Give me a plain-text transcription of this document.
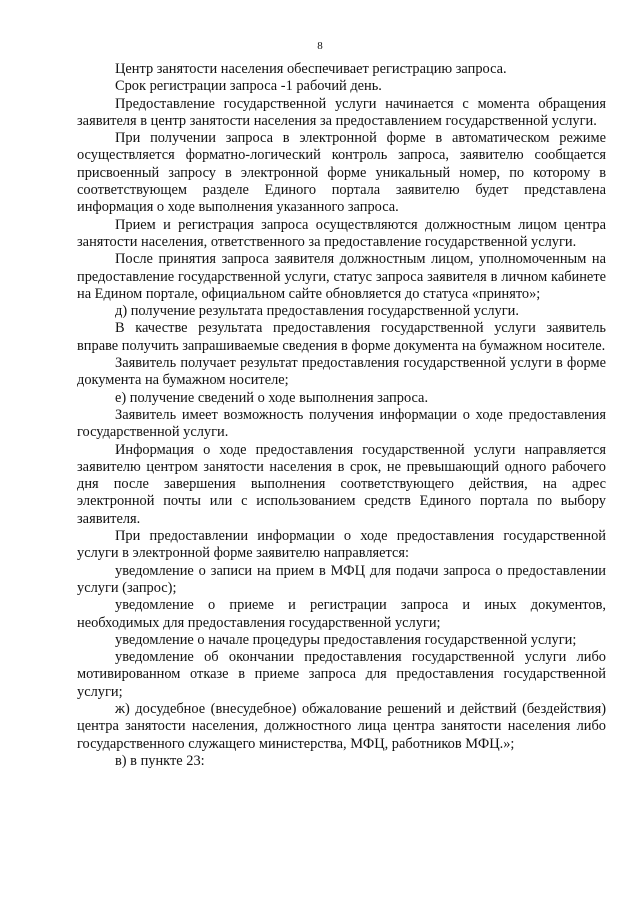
8

Центр занятости населения обеспечивает регистрацию запроса.

Срок регистрации запроса -1 рабочий день.

Предоставление государственной услуги начинается с момента обращения заявителя в центр занятости населения за предоставлением государственной услуги.

При получении запроса в электронной форме в автоматическом режиме осуществляется форматно-логический контроль запроса, заявителю сообщается присвоенный запросу в электронной форме уникальный номер, по которому в соответствующем разделе Единого портала заявителю будет представлена информация о ходе выполнения указанного запроса.

Прием и регистрация запроса осуществляются должностным лицом центра занятости населения, ответственного за предоставление государственной услуги.

После принятия запроса заявителя должностным лицом, уполномоченным на предоставление государственной услуги, статус запроса заявителя в личном кабинете на Едином портале, официальном сайте обновляется до статуса «принято»;

д) получение результата предоставления государственной услуги.

В качестве результата предоставления государственной услуги заявитель вправе получить запрашиваемые сведения в форме документа на бумажном носителе.

Заявитель получает результат предоставления государственной услуги в форме документа на бумажном носителе;

е) получение сведений о ходе выполнения запроса.

Заявитель имеет возможность получения информации о ходе предоставления государственной услуги.

Информация о ходе предоставления государственной услуги направляется заявителю центром занятости населения в срок, не превышающий одного рабочего дня после завершения выполнения соответствующего действия, на адрес электронной почты или с использованием средств Единого портала по выбору заявителя.

При предоставлении информации о ходе предоставления государственной услуги в электронной форме заявителю направляется:

уведомление о записи на прием в МФЦ для подачи запроса о предоставлении услуги (запрос);

уведомление о приеме и регистрации запроса и иных документов, необходимых для предоставления государственной услуги;

уведомление о начале процедуры предоставления государственной услуги;

уведомление об окончании предоставления государственной услуги либо мотивированном отказе в приеме запроса для предоставления государственной услуги;

ж) досудебное (внесудебное) обжалование решений и действий (бездействия) центра занятости населения, должностного лица центра занятости населения либо государственного служащего министерства, МФЦ, работников МФЦ.»;

в) в пункте 23:
